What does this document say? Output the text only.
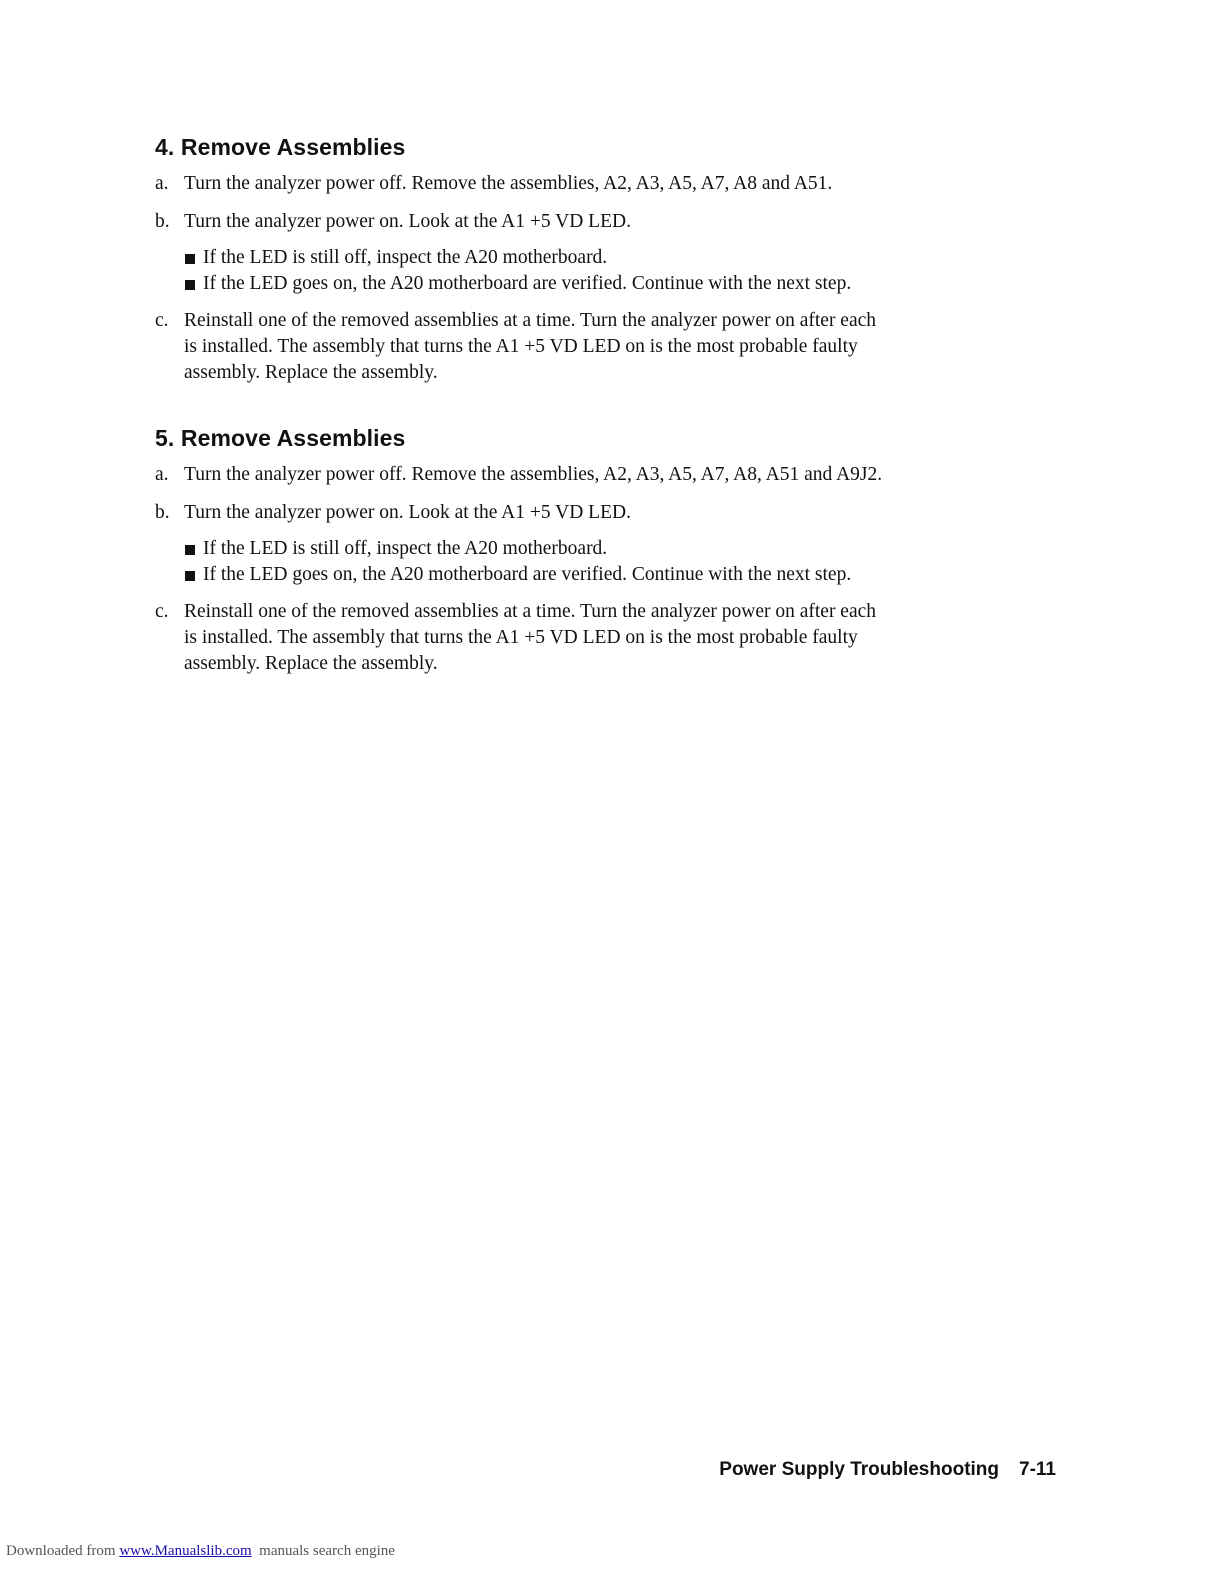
4. Remove Assemblies
a. Turn the analyzer power off. Remove the assemblies, A2, A3, A5, A7, A8 and A51.
b. Turn the analyzer power on. Look at the A1 +5 VD LED.
If the LED is still off, inspect the A20 motherboard.
If the LED goes on, the A20 motherboard are verified. Continue with the next step.
c. Reinstall one of the removed assemblies at a time. Turn the analyzer power on after each
is installed. The assembly that turns the A1 +5 VD LED on is the most probable faulty
assembly. Replace the assembly.
5. Remove Assemblies
a. Turn the analyzer power off. Remove the assemblies, A2, A3, A5, A7, A8, A51 and A9J2.
b. Turn the analyzer power on. Look at the A1 +5 VD LED.
If the LED is still off, inspect the A20 motherboard.
If the LED goes on, the A20 motherboard are verified. Continue with the next step.
c. Reinstall one of the removed assemblies at a time. Turn the analyzer power on after each
is installed. The assembly that turns the A1 +5 VD LED on is the most probable faulty
assembly. Replace the assembly.
Power Supply Troubleshooting 7-11
Downloaded from www.Manualslib.com manuals search engine
